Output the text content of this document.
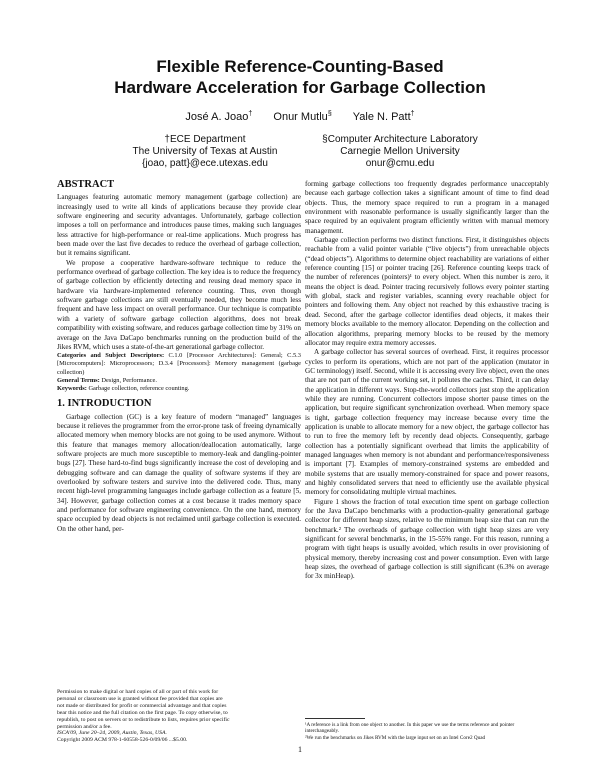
Flexible Reference-Counting-Based
Hardware Acceleration for Garbage Collection
José A. Joao† Onur Mutlu§ Yale N. Patt†
†ECE Department
The University of Texas at Austin
{joao, patt}@ece.utexas.edu
§Computer Architecture Laboratory
Carnegie Mellon University
onur@cmu.edu
ABSTRACT

Languages featuring automatic memory management (garbage collection) are increasingly used to write all kinds of applications because they provide clear software engineering and security advantages. Unfortunately, garbage collection imposes a toll on performance and introduces pause times, making such languages less attractive for high-performance or real-time applications. Much progress has been made over the last five decades to reduce the overhead of garbage collection, but it remains significant.

We propose a cooperative hardware-software technique to reduce the performance overhead of garbage collection. The key idea is to reduce the frequency of garbage collection by efficiently detecting and reusing dead memory space in hardware via hardware-implemented reference counting. Thus, even though software garbage collections are still eventually needed, they become much less frequent and have less impact on overall performance. Our technique is compatible with a variety of software garbage collection algorithms, does not break compatibility with existing software, and reduces garbage collection time by 31% on average on the Java DaCapo benchmarks running on the production build of the Jikes RVM, which uses a state-of-the-art generational garbage collector.

Categories and Subject Descriptors: C.1.0 [Processor Architectures]: General; C.5.3 [Microcomputers]: Microprocessors; D.3.4 [Processors]: Memory management (garbage collection)

General Terms: Design, Performance.

Keywords: Garbage collection, reference counting.

1. INTRODUCTION

Garbage collection (GC) is a key feature of modern “managed” languages because it relieves the programmer from the error-prone task of freeing dynamically allocated memory when memory blocks are not going to be used anymore. Without this feature that manages memory allocation/deallocation automatically, large software projects are much more susceptible to memory-leak and dangling-pointer bugs [27]. These hard-to-find bugs significantly increase the cost of developing and debugging software and can damage the quality of software systems if they are overlooked by software testers and survive into the delivered code. Thus, many recent high-level programming languages include garbage collection as a feature [5, 34]. However, garbage collection comes at a cost because it trades memory space and performance for software engineering convenience. On the one hand, memory space occupied by dead objects is not reclaimed until garbage collection is executed. On the other hand, per-

Permission to make digital or hard copies of all or part of this work for
personal or classroom use is granted without fee provided that copies are
not made or distributed for profit or commercial advantage and that copies
bear this notice and the full citation on the first page. To copy otherwise, to
republish, to post on servers or to redistribute to lists, requires prior specific
permission and/or a fee.
ISCA'09, June 20–24, 2009, Austin, Texas, USA.
Copyright 2009 ACM 978-1-60558-526-0/09/06 ...$5.00.

forming garbage collections too frequently degrades performance unacceptably because each garbage collection takes a significant amount of time to find dead objects. Thus, the memory space required to run a program in a managed environment with reasonable performance is usually significantly larger than the space required by an equivalent program efficiently written with manual memory management.

Garbage collection performs two distinct functions. First, it distinguishes objects reachable from a valid pointer variable (“live objects”) from unreachable objects (“dead objects”). Algorithms to determine object reachability are variations of either reference counting [15] or pointer tracing [26]. Reference counting keeps track of the number of references (pointers)¹ to every object. When this number is zero, it means the object is dead. Pointer tracing recursively follows every pointer starting with global, stack and register variables, scanning every reachable object for pointers and following them. Any object not reached by this exhaustive tracing is dead. Second, after the garbage collector identifies dead objects, it makes their memory blocks available to the memory allocator. Depending on the collection and allocation algorithms, preparing memory blocks to be reused by the memory allocator may require extra memory accesses.

A garbage collector has several sources of overhead. First, it requires processor cycles to perform its operations, which are not part of the application (mutator in GC terminology) itself. Second, while it is accessing every live object, even the ones that are not part of the current working set, it pollutes the caches. Third, it can delay the application in different ways. Stop-the-world collectors just stop the application while they are running. Concurrent collectors impose shorter pause times on the application, but require significant synchronization overhead. When memory space is tight, garbage collection frequency may increase because every time the application is unable to allocate memory for a new object, the garbage collector has to run to free the memory left by recently dead objects. Consequently, garbage collection has a potentially significant overhead that limits the applicability of managed languages when memory is not abundant and performance/responsiveness is important [7]. Examples of memory-constrained systems are embedded and mobile systems that are usually memory-constrained for space and power reasons, and highly consolidated servers that need to efficiently use the available physical memory for consolidating multiple virtual machines.

Figure 1 shows the fraction of total execution time spent on garbage collection for the Java DaCapo benchmarks with a production-quality generational garbage collector for different heap sizes, relative to the minimum heap size that can run the benchmark.² The overheads of garbage collection with tight heap sizes are very significant for several benchmarks, in the 15-55% range. For this reason, running a program with tight heaps is usually avoided, which results in over provisioning of physical memory, thereby increasing cost and power consumption. Even with large heap sizes, the overhead of garbage collection is still significant (6.3% on average for 3x minHeap).

¹A reference is a link from one object to another. In this paper we use the terms reference and pointer interchangeably.
²We run the benchmarks on Jikes RVM with the large input set on an Intel Core2 Quad
1
